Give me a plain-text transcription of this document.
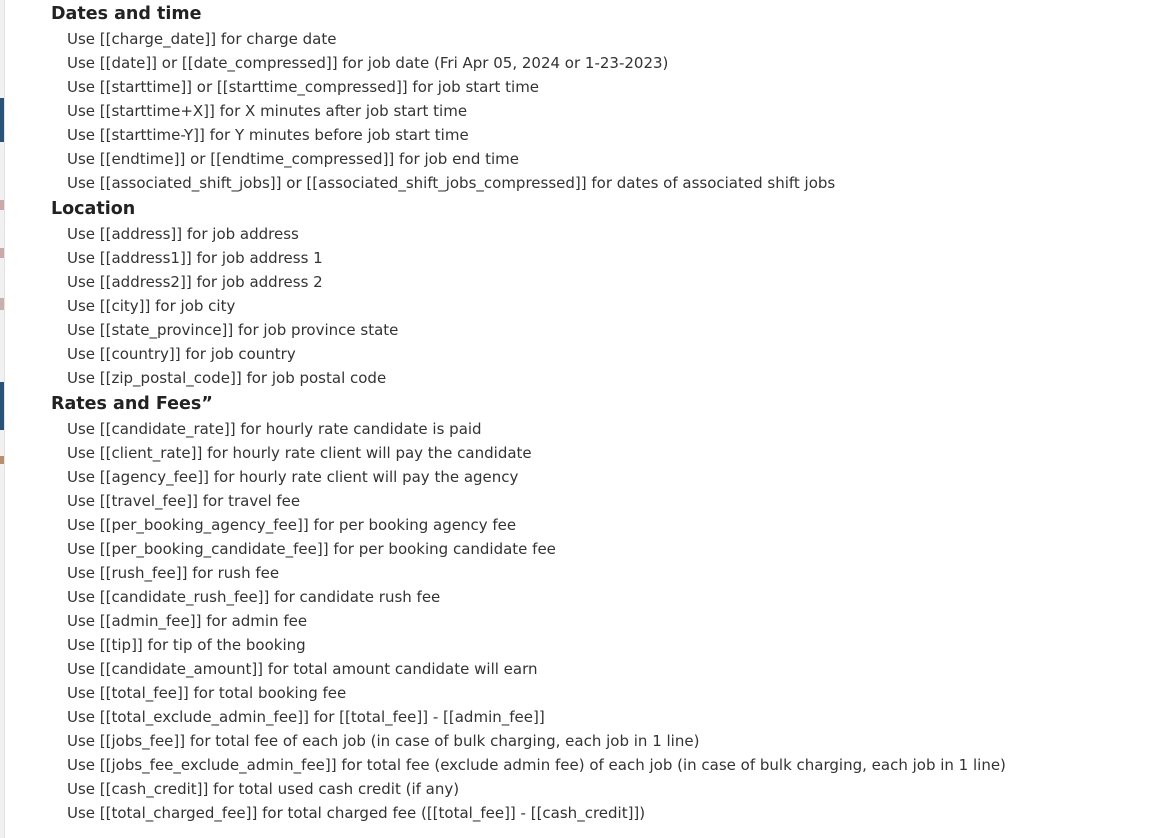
Dates and time
Use [[charge_date]] for charge date
Use [[date]] or [[date_compressed]] for job date (Fri Apr 05, 2024 or 1-23-2023)
Use [[starttime]] or [[starttime_compressed]] for job start time
Use [[starttime+X]] for X minutes after job start time
Use [[starttime-Y]] for Y minutes before job start time
Use [[endtime]] or [[endtime_compressed]] for job end time
Use [[associated_shift_jobs]] or [[associated_shift_jobs_compressed]] for dates of associated shift jobs
Location
Use [[address]] for job address
Use [[address1]] for job address 1
Use [[address2]] for job address 2
Use [[city]] for job city
Use [[state_province]] for job province state
Use [[country]] for job country
Use [[zip_postal_code]] for job postal code
Rates and Fees”
Use [[candidate_rate]] for hourly rate candidate is paid
Use [[client_rate]] for hourly rate client will pay the candidate
Use [[agency_fee]] for hourly rate client will pay the agency
Use [[travel_fee]] for travel fee
Use [[per_booking_agency_fee]] for per booking agency fee
Use [[per_booking_candidate_fee]] for per booking candidate fee
Use [[rush_fee]] for rush fee
Use [[candidate_rush_fee]] for candidate rush fee
Use [[admin_fee]] for admin fee
Use [[tip]] for tip of the booking
Use [[candidate_amount]] for total amount candidate will earn
Use [[total_fee]] for total booking fee
Use [[total_exclude_admin_fee]] for [[total_fee]] - [[admin_fee]]
Use [[jobs_fee]] for total fee of each job (in case of bulk charging, each job in 1 line)
Use [[jobs_fee_exclude_admin_fee]] for total fee (exclude admin fee) of each job (in case of bulk charging, each job in 1 line)
Use [[cash_credit]] for total used cash credit (if any)
Use [[total_charged_fee]] for total charged fee ([[total_fee]] - [[cash_credit]])
